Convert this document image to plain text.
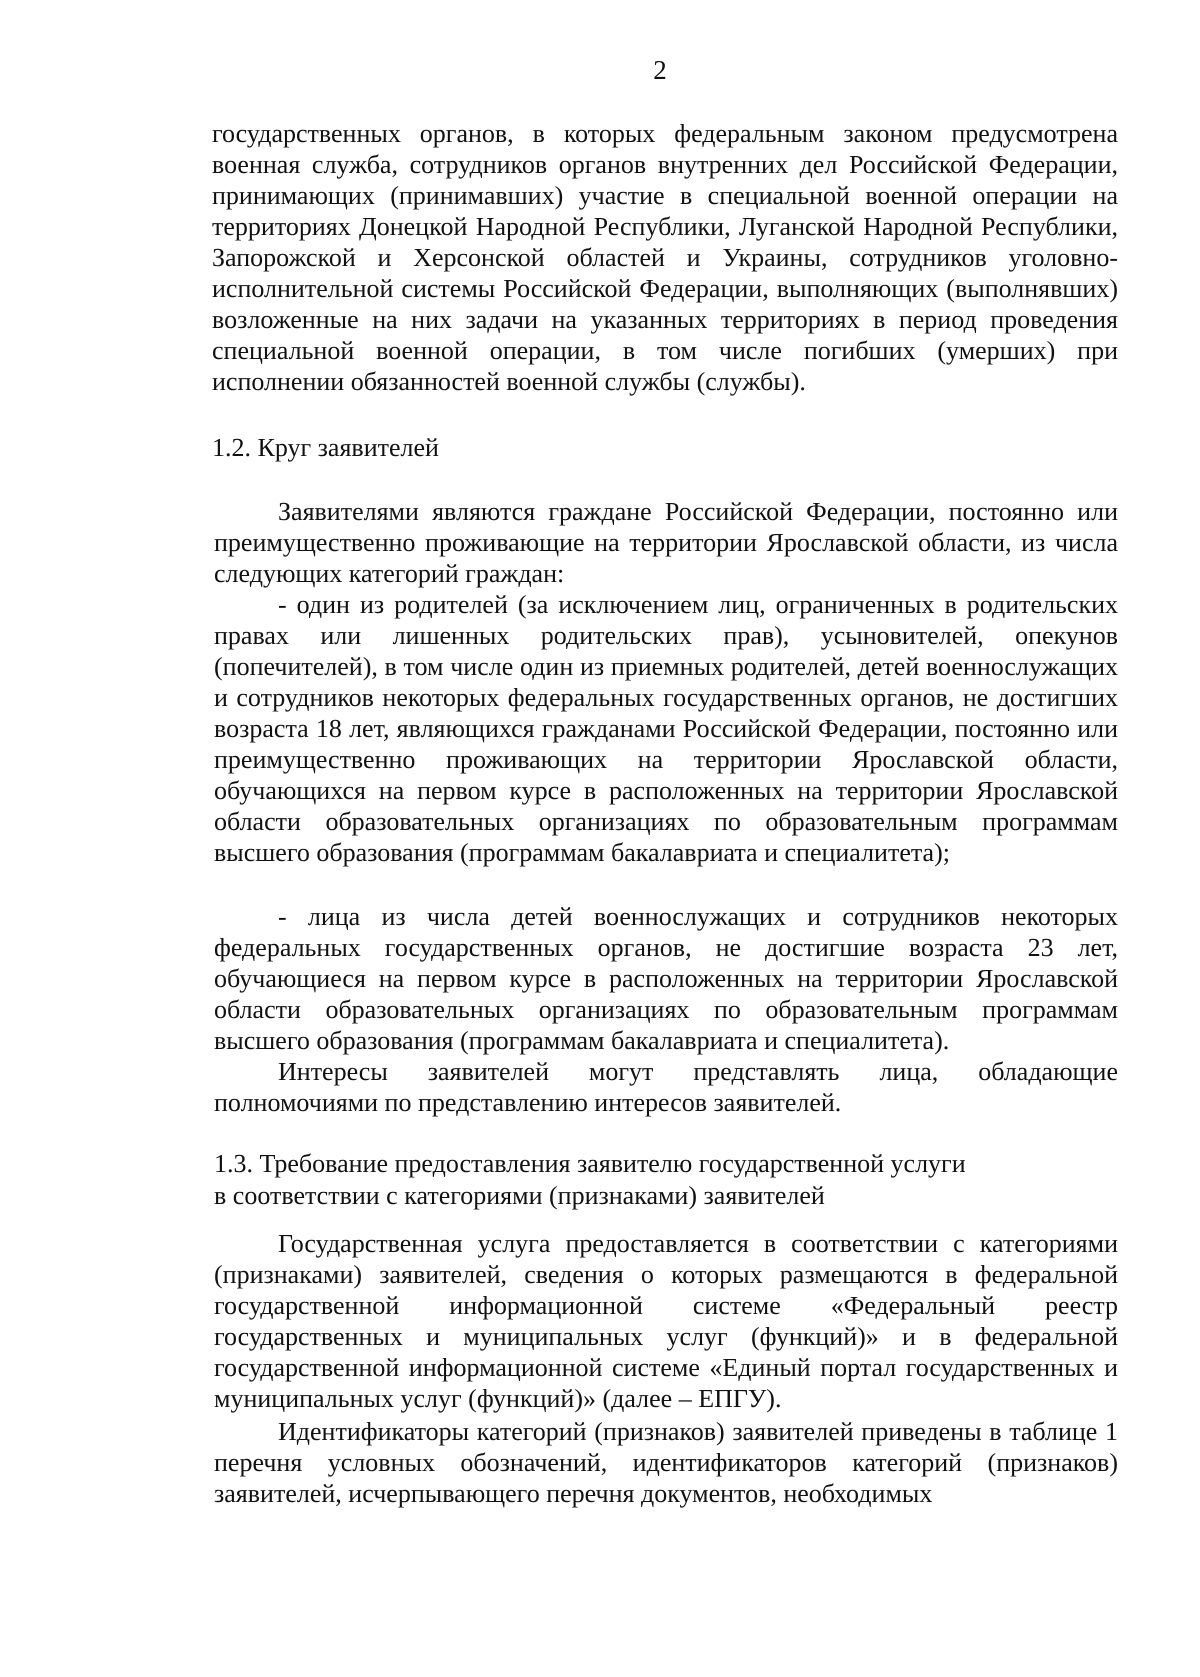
2

государственных органов, в которых федеральным законом предусмотрена военная служба, сотрудников органов внутренних дел Российской Федерации, принимающих (принимавших) участие в специальной военной операции на территориях Донецкой Народной Республики, Луганской Народной Республики, Запорожской и Херсонской областей и Украины, сотрудников уголовно-исполнительной системы Российской Федерации, выполняющих (выполнявших) возложенные на них задачи на указанных территориях в период проведения специальной военной операции, в том числе погибших (умерших) при исполнении обязанностей военной службы (службы).

1.2. Круг заявителей

Заявителями являются граждане Российской Федерации, постоянно или преимущественно проживающие на территории Ярославской области, из числа следующих категорий граждан:

- один из родителей (за исключением лиц, ограниченных в родительских правах или лишенных родительских прав), усыновителей, опекунов (попечителей), в том числе один из приемных родителей, детей военнослужащих и сотрудников некоторых федеральных государственных органов, не достигших возраста 18 лет, являющихся гражданами Российской Федерации, постоянно или преимущественно проживающих на территории Ярославской области, обучающихся на первом курсе в расположенных на территории Ярославской области образовательных организациях по образовательным программам высшего образования (программам бакалавриата и специалитета);

- лица из числа детей военнослужащих и сотрудников некоторых федеральных государственных органов, не достигшие возраста 23 лет, обучающиеся на первом курсе в расположенных на территории Ярославской области образовательных организациях по образовательным программам высшего образования (программам бакалавриата и специалитета).

Интересы заявителей могут представлять лица, обладающие полномочиями по представлению интересов заявителей.

1.3. Требование предоставления заявителю государственной услуги
в соответствии с категориями (признаками) заявителей

Государственная услуга предоставляется в соответствии с категориями (признаками) заявителей, сведения о которых размещаются в федеральной государственной информационной системе «Федеральный реестр государственных и муниципальных услуг (функций)» и в федеральной государственной информационной системе «Единый портал государственных и муниципальных услуг (функций)» (далее – ЕПГУ).

Идентификаторы категорий (признаков) заявителей приведены в таблице 1 перечня условных обозначений, идентификаторов категорий (признаков) заявителей, исчерпывающего перечня документов, необходимых
